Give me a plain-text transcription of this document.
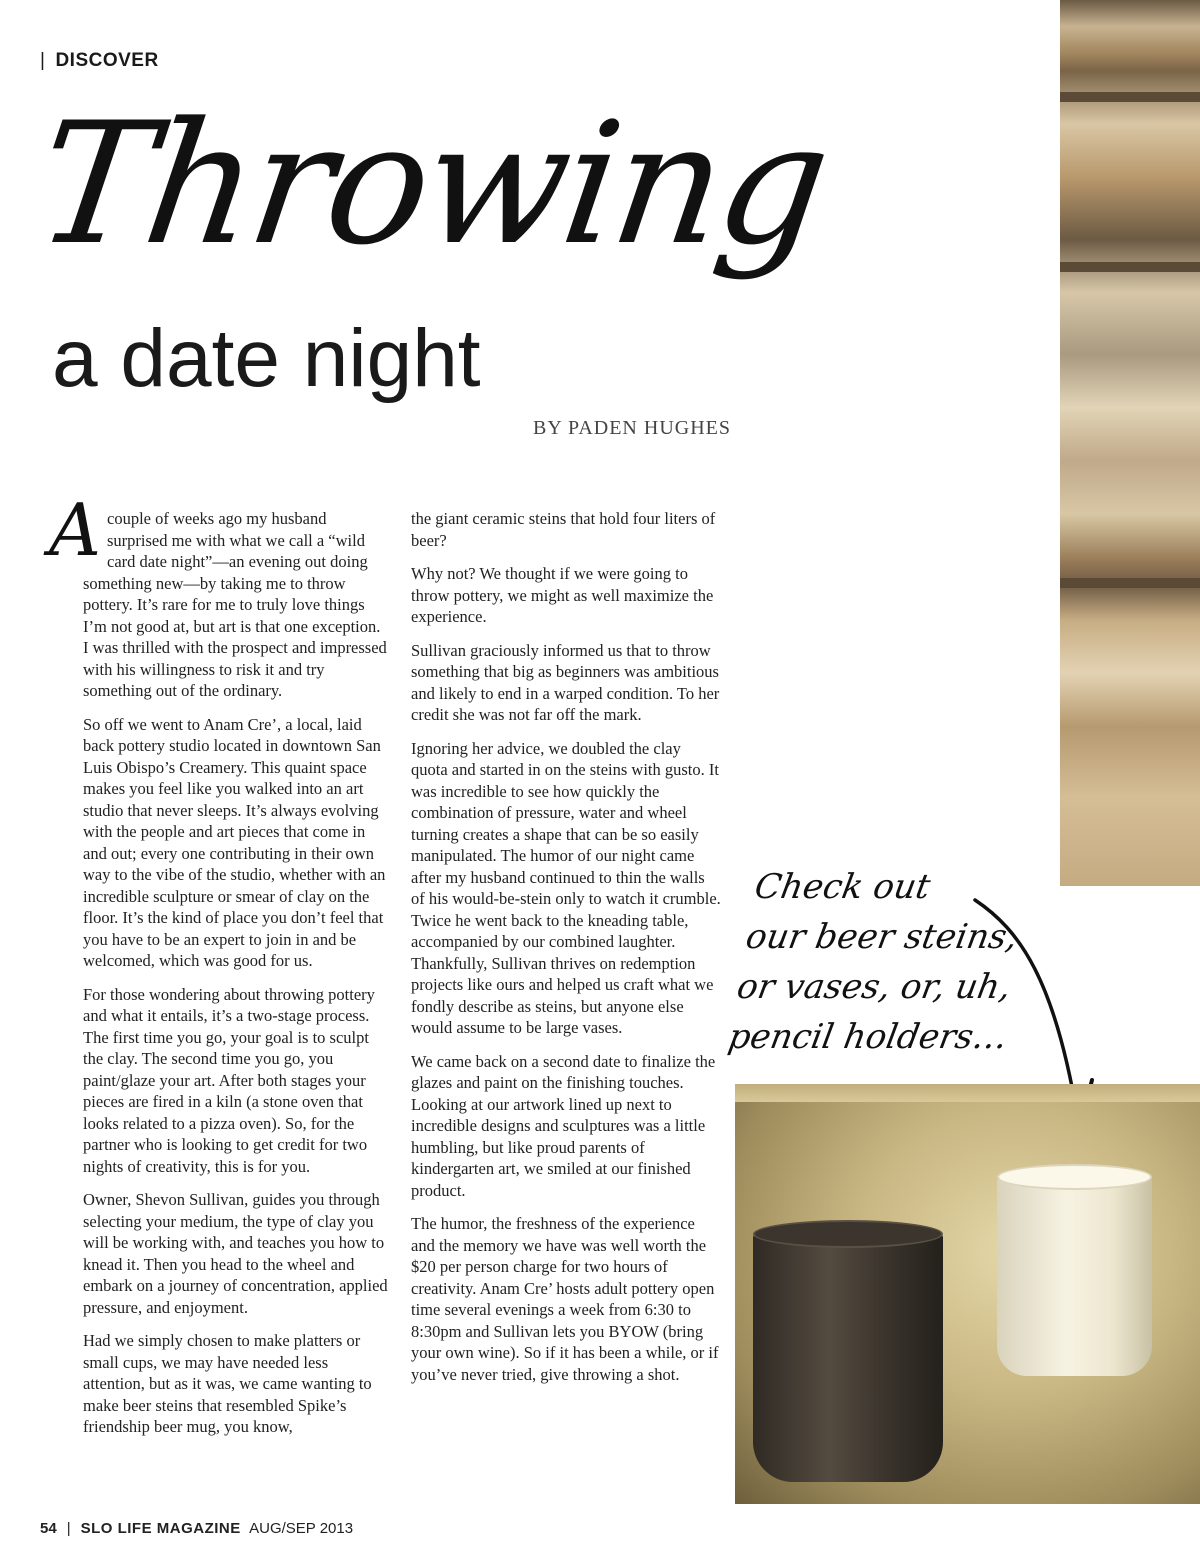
| DISCOVER
Throwing
a date night
BY PADEN HUGHES

Acouple of weeks ago my husband surprised me with what we call a “wild card date night”—an evening out doing something new—by taking me to throw pottery. It’s rare for me to truly love things I’m not good at, but art is that one exception. I was thrilled with the prospect and impressed with his willingness to risk it and try something out of the ordinary.

So off we went to Anam Cre’, a local, laid back pottery studio located in downtown San Luis Obispo’s Creamery. This quaint space makes you feel like you walked into an art studio that never sleeps. It’s always evolving with the people and art pieces that come in and out; every one contributing in their own way to the vibe of the studio, whether with an incredible sculpture or smear of clay on the floor. It’s the kind of place you don’t feel that you have to be an expert to join in and be welcomed, which was good for us.

For those wondering about throwing pottery and what it entails, it’s a two-stage process. The first time you go, your goal is to sculpt the clay. The second time you go, you paint/glaze your art. After both stages your pieces are fired in a kiln (a stone oven that looks related to a pizza oven). So, for the partner who is looking to get credit for two nights of creativity, this is for you.

Owner, Shevon Sullivan, guides you through selecting your medium, the type of clay you will be working with, and teaches you how to knead it. Then you head to the wheel and embark on a journey of concentration, applied pressure, and enjoyment.

Had we simply chosen to make platters or small cups, we may have needed less attention, but as it was, we came wanting to make beer steins that resembled Spike’s friendship beer mug, you know,

the giant ceramic steins that hold four liters of beer?

Why not? We thought if we were going to throw pottery, we might as well maximize the experience.

Sullivan graciously informed us that to throw something that big as beginners was ambitious and likely to end in a warped condition. To her credit she was not far off the mark.

Ignoring her advice, we doubled the clay quota and started in on the steins with gusto. It was incredible to see how quickly the combination of pressure, water and wheel turning creates a shape that can be so easily manipulated. The humor of our night came after my husband continued to thin the walls of his would-be-stein only to watch it crumble. Twice he went back to the kneading table, accompanied by our combined laughter. Thankfully, Sullivan thrives on redemption projects like ours and helped us craft what we fondly describe as steins, but anyone else would assume to be large vases.

We came back on a second date to finalize the glazes and paint on the finishing touches. Looking at our artwork lined up next to incredible designs and sculptures was a little humbling, but like proud parents of kindergarten art, we smiled at our finished product.

The humor, the freshness of the experience and the memory we have was well worth the $20 per person charge for two hours of creativity. Anam Cre’ hosts adult pottery open time several evenings a week from 6:30 to 8:30pm and Sullivan lets you BYOW (bring your own wine). So if it has been a while, or if you’ve never tried, give throwing a shot.

Check out
our beer steins,
or vases, or, uh,
pencil holders…
54 | SLO LIFE MAGAZINE AUG/SEP 2013
